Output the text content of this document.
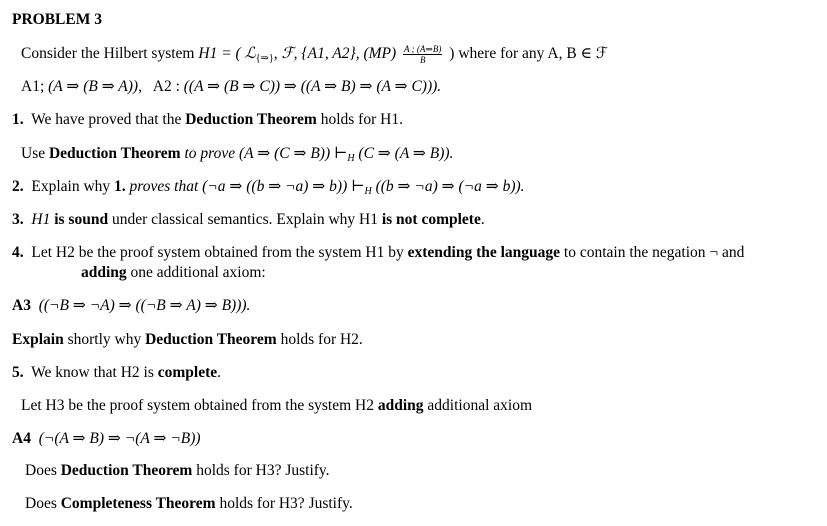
PROBLEM 3
Consider the Hilbert system H1 = ( ℒ$_{\{\Rightarrow\}}$, ℱ, {A1, A2}, $(MP) \frac{A ; (A\Rightarrow B)}{B}$ ) where for any A, B ∈ ℱ
A1; (A ⇒ (B ⇒ A)), A2 : ((A ⇒ (B ⇒ C)) ⇒ ((A ⇒ B) ⇒ (A ⇒ C))).
1. We have proved that the Deduction Theorem holds for H1.
Use Deduction Theorem to prove (A ⇒ (C ⇒ B)) $⊢_H$ (C ⇒ (A ⇒ B)).
2. Explain why 1. proves that (¬a ⇒ ((b ⇒ ¬a) ⇒ b)) $⊢_H$ ((b ⇒ ¬a) ⇒ (¬a ⇒ b)).
3. H1 is sound under classical semantics. Explain why H1 is not complete.
4. Let H2 be the proof system obtained from the system H1 by extending the language to contain the negation ¬ and
adding one additional axiom:
A3 ((¬B ⇒ ¬A) ⇒ ((¬B ⇒ A) ⇒ B))).
Explain shortly why Deduction Theorem holds for H2.
5. We know that H2 is complete.
Let H3 be the proof system obtained from the system H2 adding additional axiom
A4 (¬(A ⇒ B) ⇒ ¬(A ⇒ ¬B))
Does Deduction Theorem holds for H3? Justify.
Does Completeness Theorem holds for H3? Justify.
